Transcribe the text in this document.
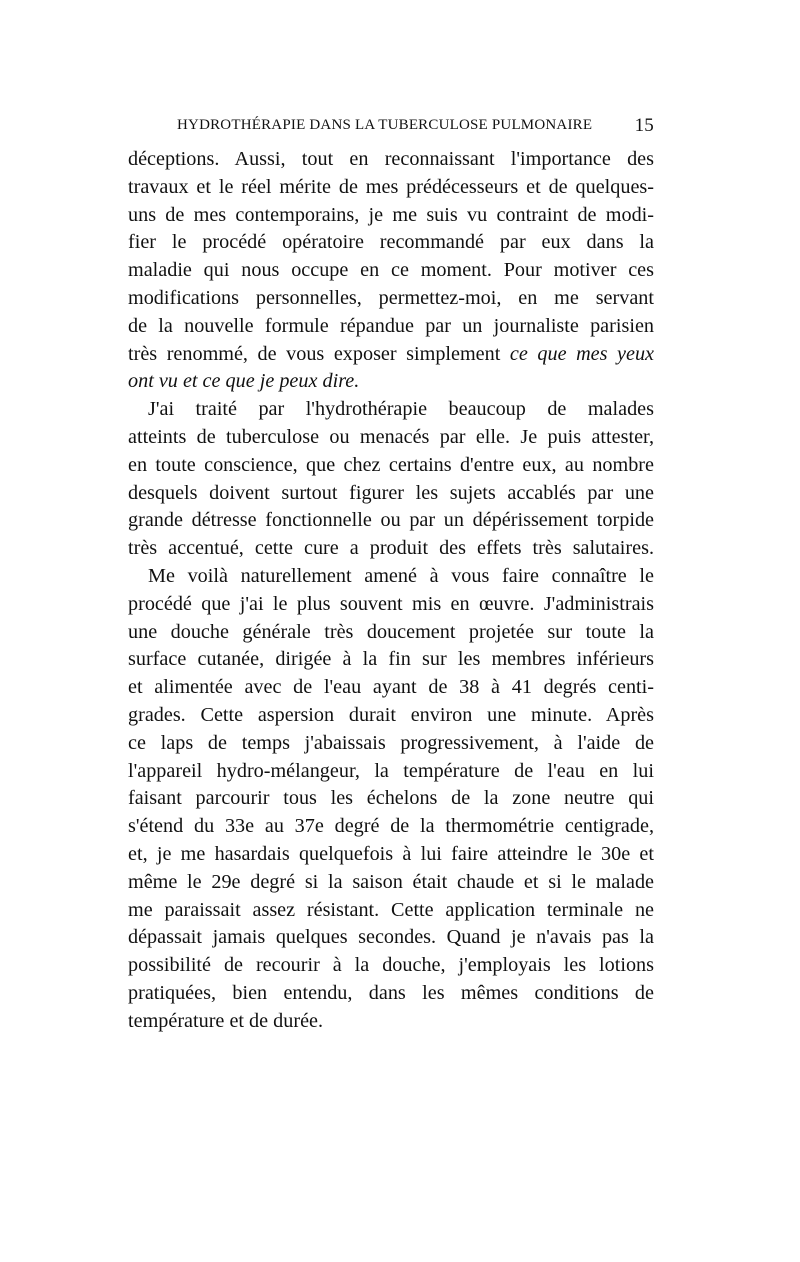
HYDROTHÉRAPIE DANS LA TUBERCULOSE PULMONAIRE 15
déceptions. Aussi, tout en reconnaissant l'importance des
travaux et le réel mérite de mes prédécesseurs et de quelques-
uns de mes contemporains, je me suis vu contraint de modi-
fier le procédé opératoire recommandé par eux dans la
maladie qui nous occupe en ce moment. Pour motiver ces
modifications personnelles, permettez-moi, en me servant
de la nouvelle formule répandue par un journaliste parisien
très renommé, de vous exposer simplement ce que mes yeux
ont vu et ce que je peux dire.
J'ai traité par l'hydrothérapie beaucoup de malades
atteints de tuberculose ou menacés par elle. Je puis attester,
en toute conscience, que chez certains d'entre eux, au nombre
desquels doivent surtout figurer les sujets accablés par une
grande détresse fonctionnelle ou par un dépérissement torpide
très accentué, cette cure a produit des effets très salutaires.
Me voilà naturellement amené à vous faire connaître le
procédé que j'ai le plus souvent mis en œuvre. J'administrais
une douche générale très doucement projetée sur toute la
surface cutanée, dirigée à la fin sur les membres inférieurs
et alimentée avec de l'eau ayant de 38 à 41 degrés centi-
grades. Cette aspersion durait environ une minute. Après
ce laps de temps j'abaissais progressivement, à l'aide de
l'appareil hydro-mélangeur, la température de l'eau en lui
faisant parcourir tous les échelons de la zone neutre qui
s'étend du 33e au 37e degré de la thermométrie centigrade,
et, je me hasardais quelquefois à lui faire atteindre le 30e et
même le 29e degré si la saison était chaude et si le malade
me paraissait assez résistant. Cette application terminale ne
dépassait jamais quelques secondes. Quand je n'avais pas la
possibilité de recourir à la douche, j'employais les lotions
pratiquées, bien entendu, dans les mêmes conditions de
température et de durée.
